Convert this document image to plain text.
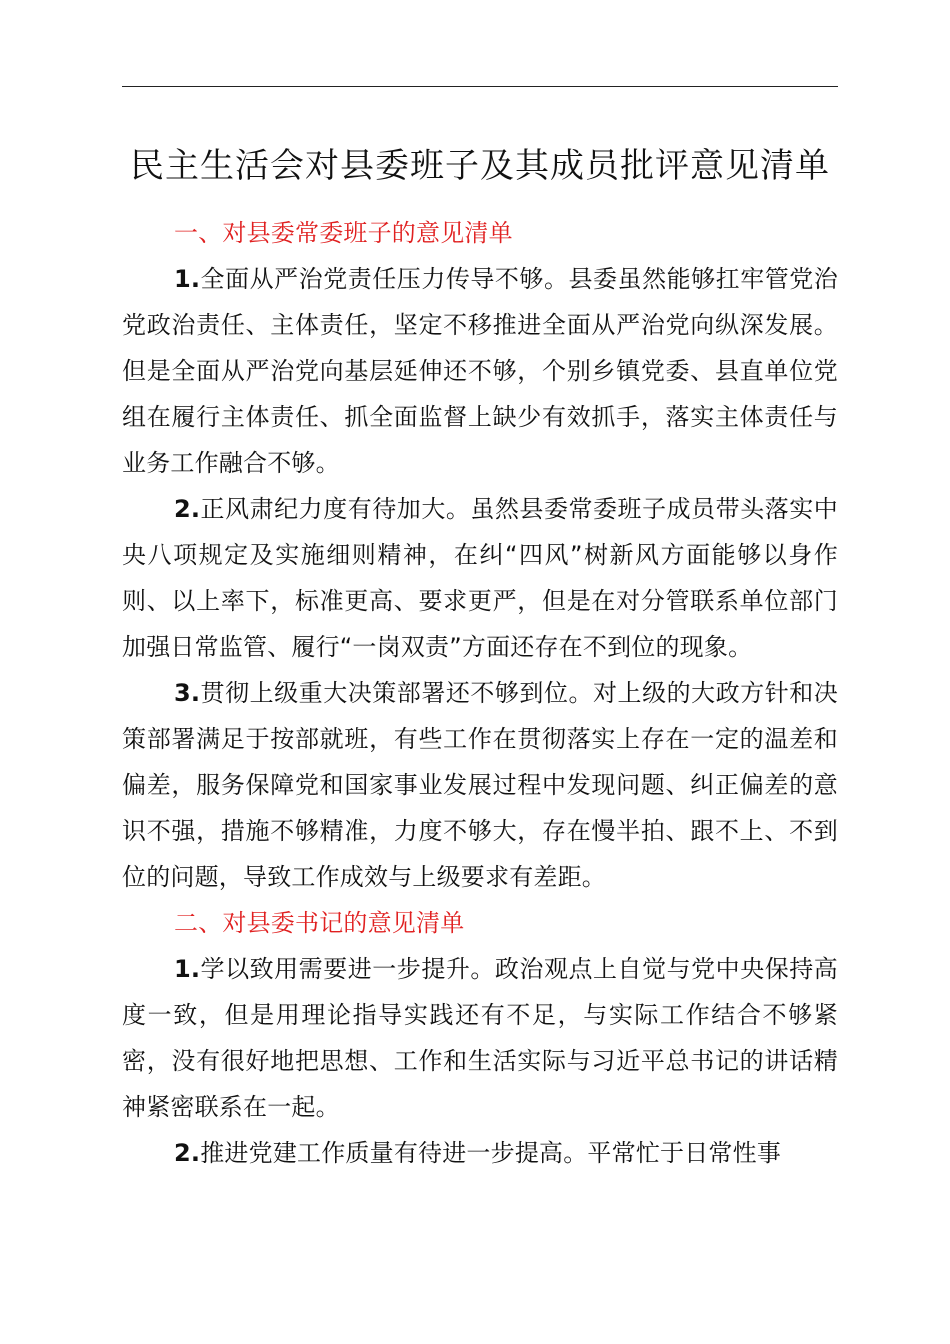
民主生活会对县委班子及其成员批评意见清单

一、对县委常委班子的意见清单

1.全面从严治党责任压力传导不够。县委虽然能够扛牢管党治党政治责任、主体责任，坚定不移推进全面从严治党向纵深发展。但是全面从严治党向基层延伸还不够，个别乡镇党委、县直单位党组在履行主体责任、抓全面监督上缺少有效抓手，落实主体责任与业务工作融合不够。

2.正风肃纪力度有待加大。虽然县委常委班子成员带头落实中央八项规定及实施细则精神，在纠“四风”树新风方面能够以身作则、以上率下，标准更高、要求更严，但是在对分管联系单位部门加强日常监管、履行“一岗双责”方面还存在不到位的现象。

3.贯彻上级重大决策部署还不够到位。对上级的大政方针和决策部署满足于按部就班，有些工作在贯彻落实上存在一定的温差和偏差，服务保障党和国家事业发展过程中发现问题、纠正偏差的意识不强，措施不够精准，力度不够大，存在慢半拍、跟不上、不到位的问题，导致工作成效与上级要求有差距。

二、对县委书记的意见清单

1.学以致用需要进一步提升。政治观点上自觉与党中央保持高度一致，但是用理论指导实践还有不足，与实际工作结合不够紧密，没有很好地把思想、工作和生活实际与习近平总书记的讲话精神紧密联系在一起。

2.推进党建工作质量有待进一步提高。平常忙于日常性事
